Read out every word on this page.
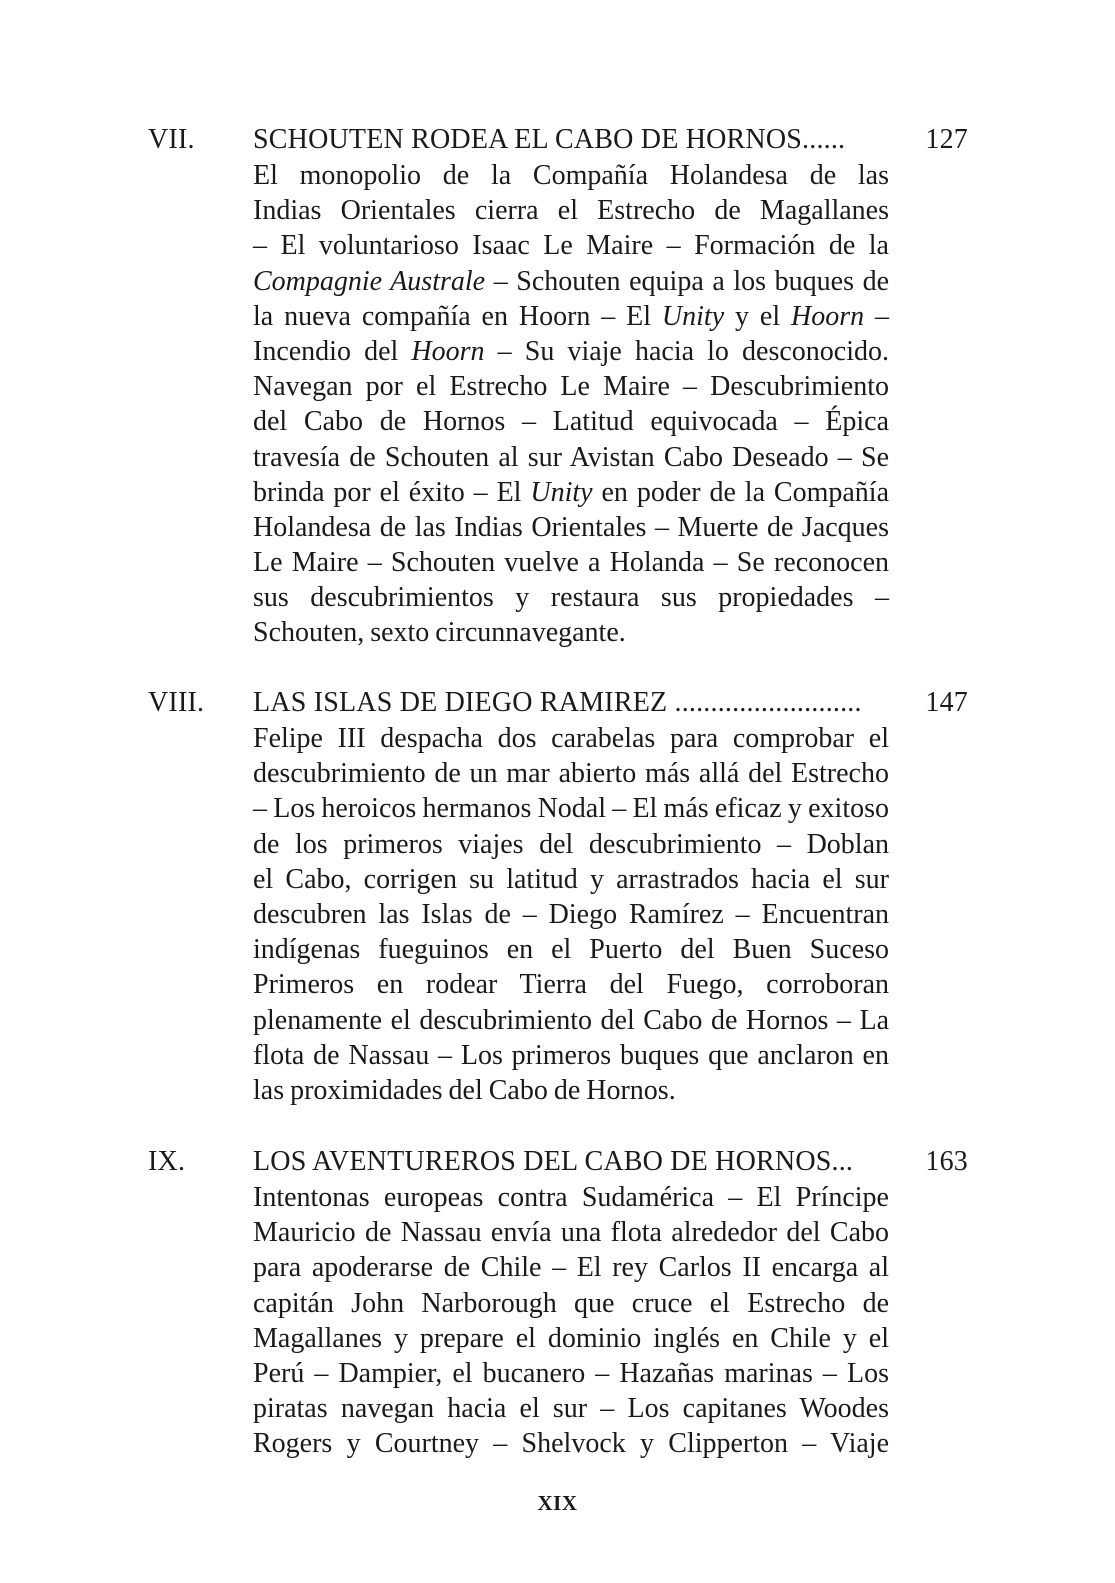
VII. SCHOUTEN RODEA EL CABO DE HORNOS......	127
El monopolio de la Compañía Holandesa de las
Indias Orientales cierra el Estrecho de Magallanes
– El voluntarioso Isaac Le Maire – Formación de la
Compagnie Australe – Schouten equipa a los buques de
la nueva compañía en Hoorn – El Unity y el Hoorn –
Incendio del Hoorn – Su viaje hacia lo desconocido.
Navegan por el Estrecho Le Maire – Descubrimiento
del Cabo de Hornos – Latitud equivocada – Épica
travesía de Schouten al sur Avistan Cabo Deseado – Se
brinda por el éxito – El Unity en poder de la Compañía
Holandesa de las Indias Orientales – Muerte de Jacques
Le Maire – Schouten vuelve a Holanda – Se reconocen
sus descubrimientos y restaura sus propiedades –
Schouten, sexto circunnavegante.
VIII. LAS ISLAS DE DIEGO RAMIREZ .......................... 147
Felipe III despacha dos carabelas para comprobar el
descubrimiento de un mar abierto más allá del Estrecho
– Los heroicos hermanos Nodal – El más eficaz y exitoso
de los primeros viajes del descubrimiento – Doblan
el Cabo, corrigen su latitud y arrastrados hacia el sur
descubren las Islas de – Diego Ramírez – Encuentran
indígenas fueguinos en el Puerto del Buen Suceso
Primeros en rodear Tierra del Fuego, corroboran
plenamente el descubrimiento del Cabo de Hornos – La
flota de Nassau – Los primeros buques que anclaron en
las proximidades del Cabo de Hornos.
IX. LOS AVENTUREROS DEL CABO DE HORNOS...	163
Intentonas europeas contra Sudamérica – El Príncipe
Mauricio de Nassau envía una flota alrededor del Cabo
para apoderarse de Chile – El rey Carlos II encarga al
capitán John Narborough que cruce el Estrecho de
Magallanes y prepare el dominio inglés en Chile y el
Perú – Dampier, el bucanero – Hazañas marinas – Los
piratas navegan hacia el sur – Los capitanes Woodes
Rogers y Courtney – Shelvock y Clipperton – Viaje
XIX
